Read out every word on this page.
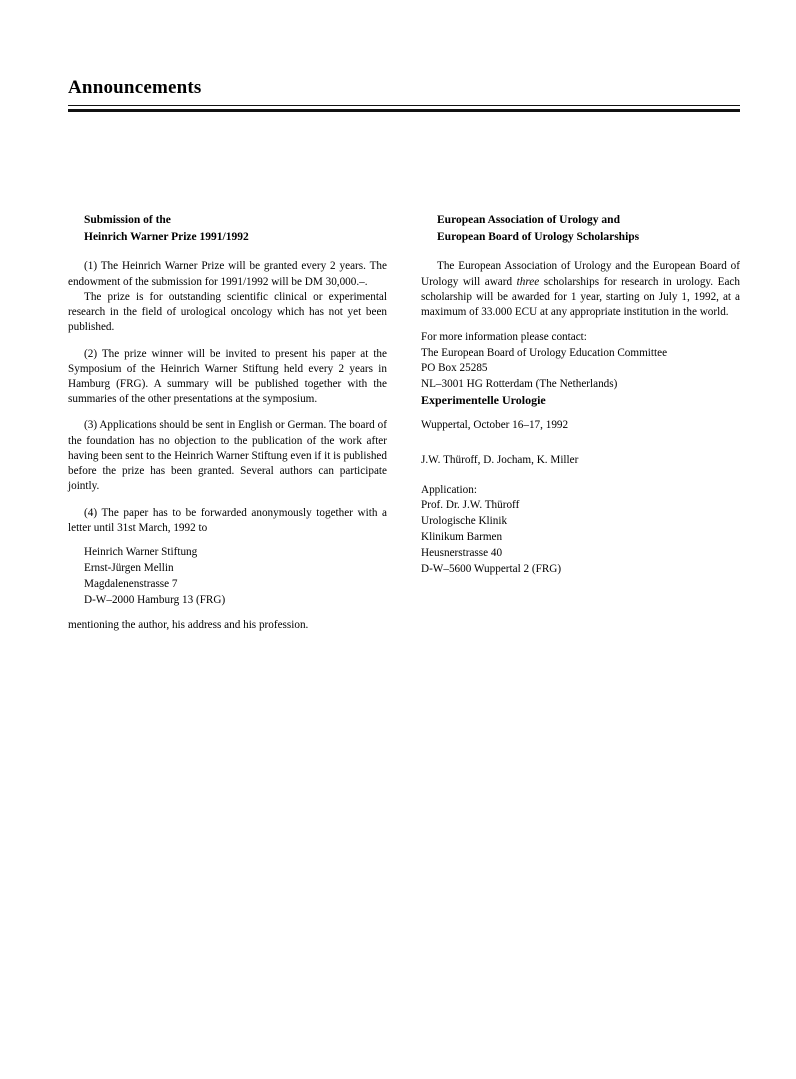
Announcements
Submission of the
Heinrich Warner Prize 1991/1992

(1) The Heinrich Warner Prize will be granted every 2 years. The endowment of the submission for 1991/1992 will be DM 30,000.–.

The prize is for outstanding scientific clinical or experimental research in the field of urological oncology which has not yet been published.

(2) The prize winner will be invited to present his paper at the Symposium of the Heinrich Warner Stiftung held every 2 years in Hamburg (FRG). A summary will be published together with the summaries of the other presentations at the symposium.

(3) Applications should be sent in English or German. The board of the foundation has no objection to the publication of the work after having been sent to the Heinrich Warner Stiftung even if it is published before the prize has been granted. Several authors can participate jointly.

(4) The paper has to be forwarded anonymously together with a letter until 31st March, 1992 to

Heinrich Warner Stiftung
Ernst-Jürgen Mellin
Magdalenenstrasse 7
D-W–2000 Hamburg 13 (FRG)

mentioning the author, his address and his profession.

European Association of Urology and
European Board of Urology Scholarships

The European Association of Urology and the European Board of Urology will award three scholarships for research in urology. Each scholarship will be awarded for 1 year, starting on July 1, 1992, at a maximum of 33.000 ECU at any appropriate institution in the world.

For more information please contact:

The European Board of Urology Education Committee
PO Box 25285
NL–3001 HG Rotterdam (The Netherlands)
Experimentelle Urologie

Wuppertal, October 16–17, 1992

J.W. Thüroff, D. Jocham, K. Miller

Application:

Prof. Dr. J.W. Thüroff
Urologische Klinik
Klinikum Barmen
Heusnerstrasse 40
D-W–5600 Wuppertal 2 (FRG)
